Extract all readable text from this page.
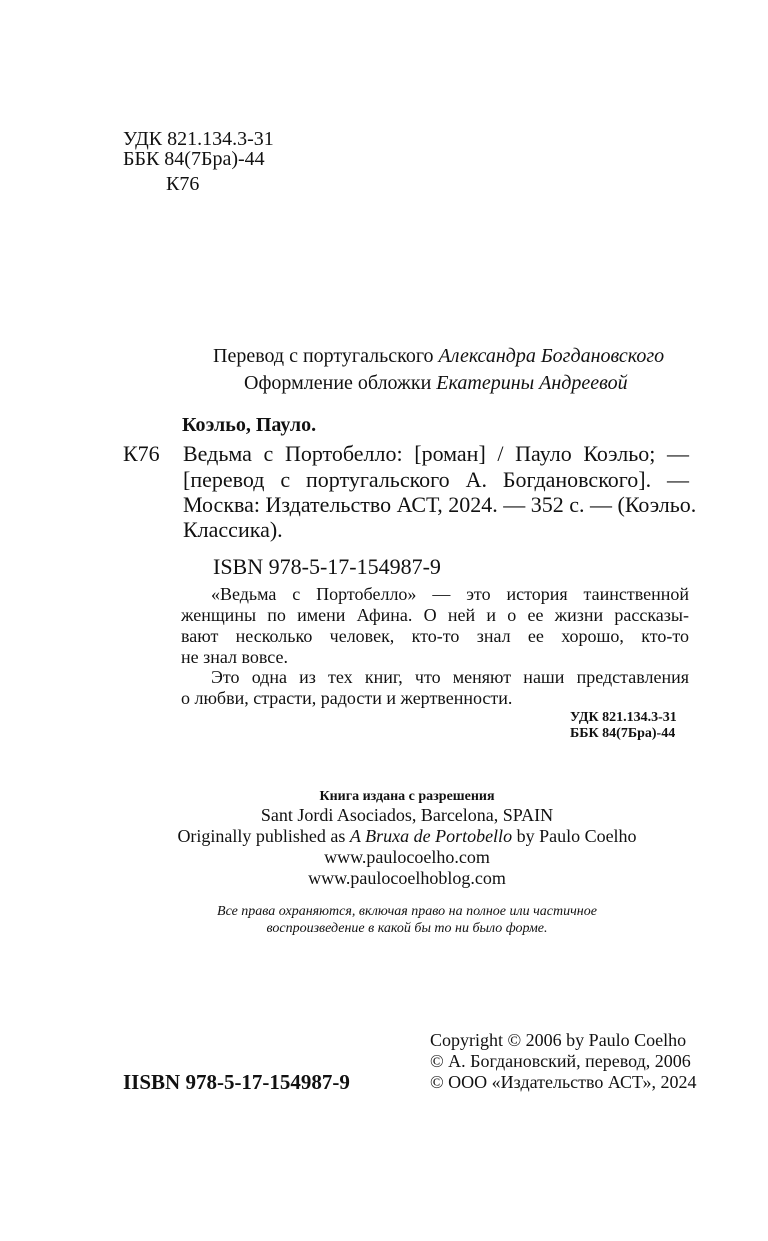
УДК 821.134.3-31
ББК 84(7Бра)-44
К76
Перевод с португальского Александра Богдановского
Оформление обложки Екатерины Андреевой
Коэльо, Пауло.
К76 Ведьма с Портобелло: [роман] / Пауло Коэльо; —
[перевод с португальского А. Богдановского]. —
Москва: Издательство АСТ, 2024. — 352 с. — (Коэльо.
Классика).
ISBN 978-5-17-154987-9
«Ведьма с Портобелло» — это история таинственной
женщины по имени Афина. О ней и о ее жизни рассказы-
вают несколько человек, кто-то знал ее хорошо, кто-то
не знал вовсе.
Это одна из тех книг, что меняют наши представления
о любви, страсти, радости и жертвенности.
УДК 821.134.3-31
ББК 84(7Бра)-44
Книга издана с разрешения
Sant Jordi Asociados, Barcelona, SPAIN
Originally published as A Bruxa de Portobello by Paulo Coelho
www.paulocoelho.com
www.paulocoelhoblog.com
Все права охраняются, включая право на полное или частичное
воспроизведение в какой бы то ни было форме.
IISBN 978-5-17-154987-9
Copyright © 2006 by Paulo Coelho
© А. Богдановский, перевод, 2006
© ООО «Издательство АСТ», 2024
